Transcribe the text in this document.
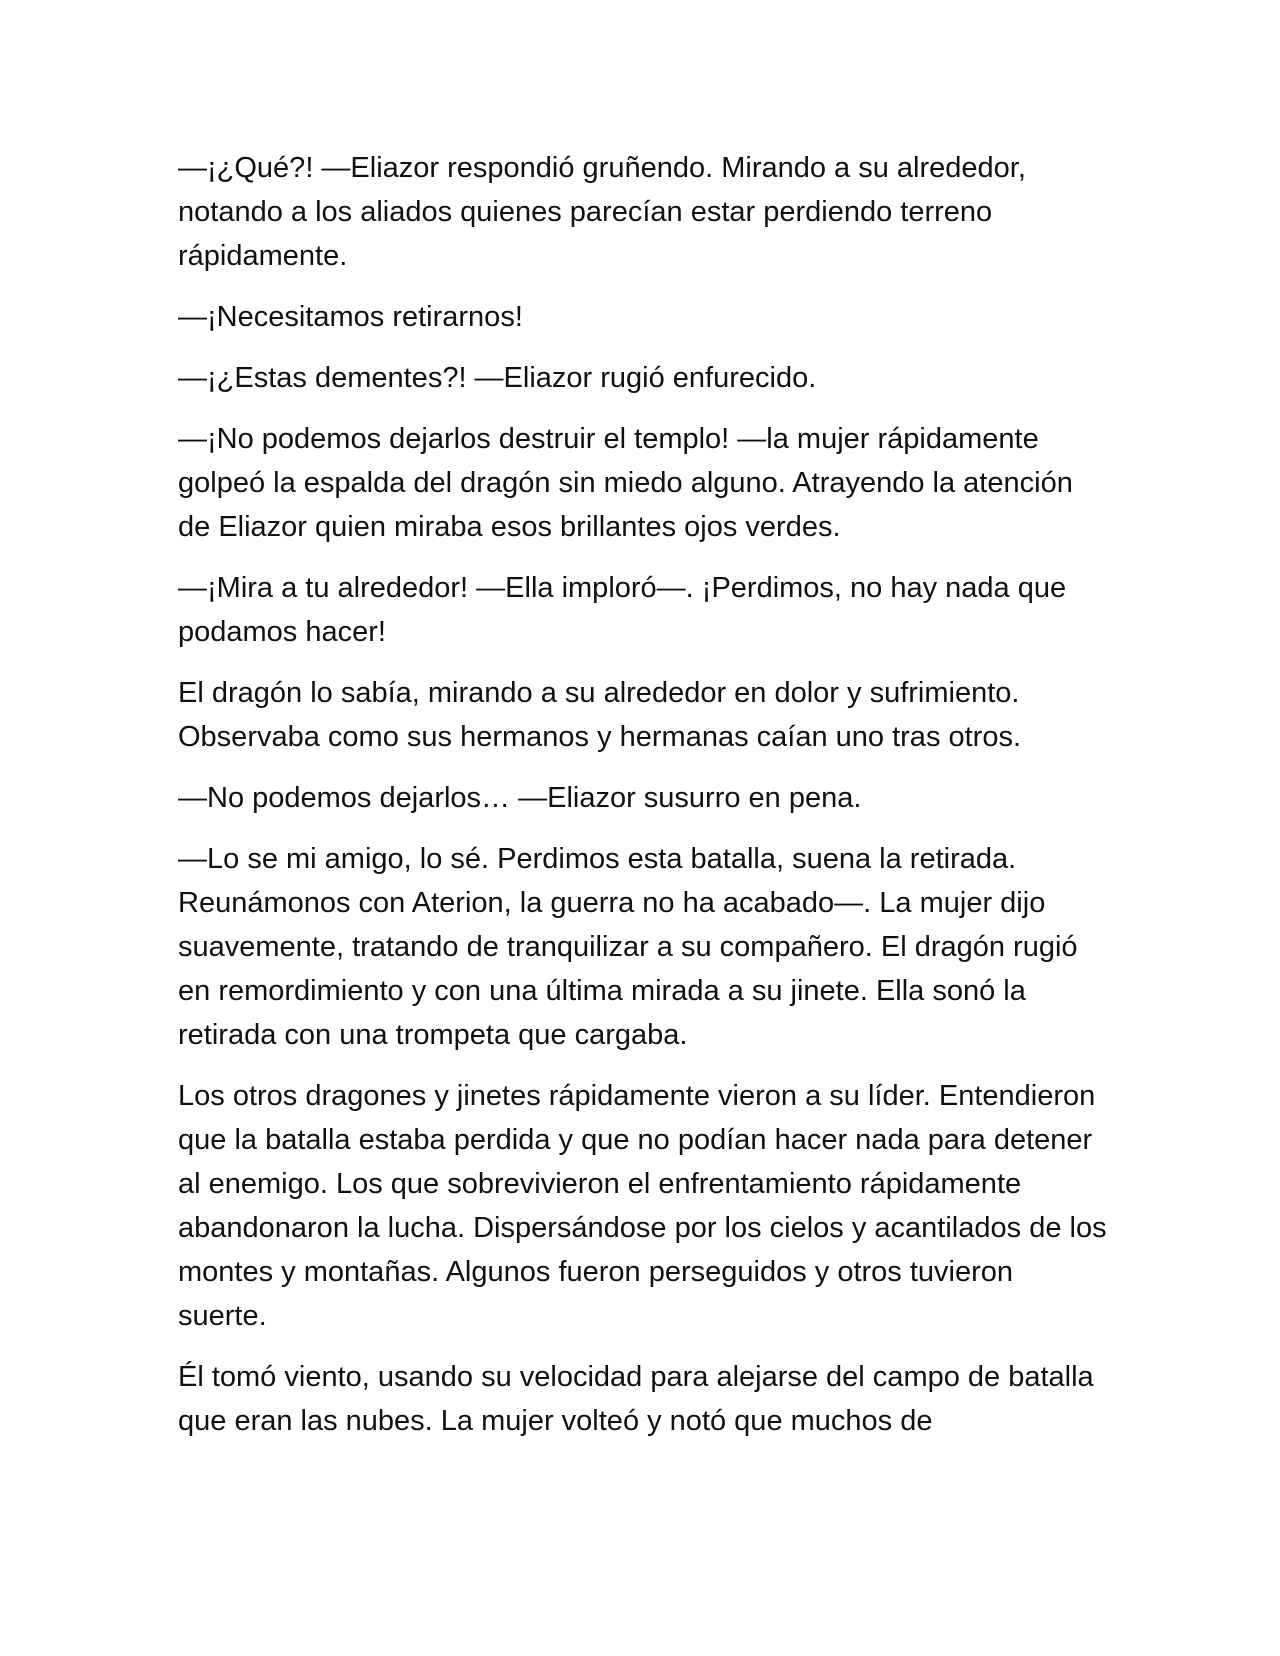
—¡¿Qué?! —Eliazor respondió gruñendo. Mirando a su alrededor, notando a los aliados quienes parecían estar perdiendo terreno rápidamente.

—¡Necesitamos retirarnos!

—¡¿Estas dementes?! —Eliazor rugió enfurecido.

—¡No podemos dejarlos destruir el templo! —la mujer rápidamente golpeó la espalda del dragón sin miedo alguno. Atrayendo la atención de Eliazor quien miraba esos brillantes ojos verdes.

—¡Mira a tu alrededor! —Ella imploró—. ¡Perdimos, no hay nada que podamos hacer!

El dragón lo sabía, mirando a su alrededor en dolor y sufrimiento. Observaba como sus hermanos y hermanas caían uno tras otros.

—No podemos dejarlos… —Eliazor susurro en pena.

—Lo se mi amigo, lo sé. Perdimos esta batalla, suena la retirada. Reunámonos con Aterion, la guerra no ha acabado—. La mujer dijo suavemente, tratando de tranquilizar a su compañero. El dragón rugió en remordimiento y con una última mirada a su jinete. Ella sonó la retirada con una trompeta que cargaba.

Los otros dragones y jinetes rápidamente vieron a su líder. Entendieron que la batalla estaba perdida y que no podían hacer nada para detener al enemigo. Los que sobrevivieron el enfrentamiento rápidamente abandonaron la lucha. Dispersándose por los cielos y acantilados de los montes y montañas. Algunos fueron perseguidos y otros tuvieron suerte.

Él tomó viento, usando su velocidad para alejarse del campo de batalla que eran las nubes. La mujer volteó y notó que muchos de
